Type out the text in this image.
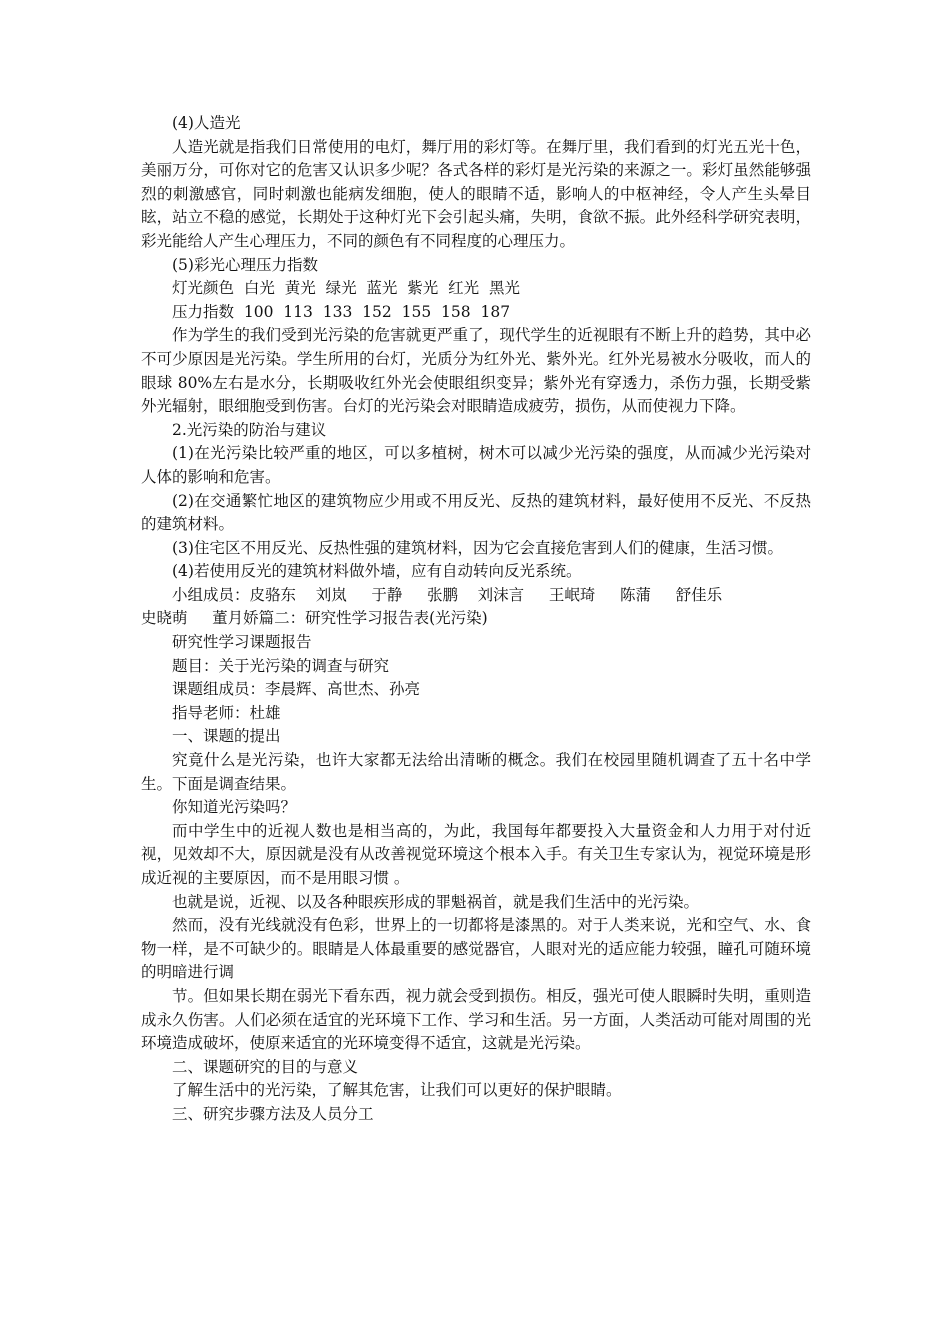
(4)人造光

人造光就是指我们日常使用的电灯，舞厅用的彩灯等。在舞厅里，我们看到的灯光五光十色，美丽万分，可你对它的危害又认识多少呢？各式各样的彩灯是光污染的来源之一。彩灯虽然能够强烈的刺激感官，同时刺激也能病发细胞，使人的眼睛不适，影响人的中枢神经，令人产生头晕目眩，站立不稳的感觉，长期处于这种灯光下会引起头痛，失明，食欲不振。此外经科学研究表明，彩光能给人产生心理压力，不同的颜色有不同程度的心理压力。

(5)彩光心理压力指数

灯光颜色  白光  黄光  绿光  蓝光  紫光  红光  黑光

压力指数  100  113  133  152  155  158  187

作为学生的我们受到光污染的危害就更严重了，现代学生的近视眼有不断上升的趋势，其中必不可少原因是光污染。学生所用的台灯，光质分为红外光、紫外光。红外光易被水分吸收，而人的眼球 80%左右是水分，长期吸收红外光会使眼组织变异；紫外光有穿透力，杀伤力强，长期受紫外光辐射，眼细胞受到伤害。台灯的光污染会对眼睛造成疲劳，损伤，从而使视力下降。

2.光污染的防治与建议

(1)在光污染比较严重的地区，可以多植树，树木可以减少光污染的强度，从而减少光污染对人体的影响和危害。

(2)在交通繁忙地区的建筑物应少用或不用反光、反热的建筑材料，最好使用不反光、不反热的建筑材料。

(3)住宅区不用反光、反热性强的建筑材料，因为它会直接危害到人们的健康，生活习惯。

(4)若使用反光的建筑材料做外墙，应有自动转向反光系统。

小组成员：皮骆东    刘岚     于静     张鹏    刘沫言     王岷琦     陈蒲     舒佳乐

史晓萌     董月娇篇二：研究性学习报告表(光污染)

研究性学习课题报告

题目：关于光污染的调查与研究

课题组成员：李晨辉、高世杰、孙亮

指导老师：杜雄

一、课题的提出

究竟什么是光污染，也许大家都无法给出清晰的概念。我们在校园里随机调查了五十名中学生。下面是调查结果。

你知道光污染吗？

而中学生中的近视人数也是相当高的，为此，我国每年都要投入大量资金和人力用于对付近视，见效却不大，原因就是没有从改善视觉环境这个根本入手。有关卫生专家认为，视觉环境是形成近视的主要原因，而不是用眼习惯 。

也就是说，近视、以及各种眼疾形成的罪魁祸首，就是我们生活中的光污染。

然而，没有光线就没有色彩，世界上的一切都将是漆黑的。对于人类来说，光和空气、水、食物一样，是不可缺少的。眼睛是人体最重要的感觉器官，人眼对光的适应能力较强，瞳孔可随环境的明暗进行调

节。但如果长期在弱光下看东西，视力就会受到损伤。相反，强光可使人眼瞬时失明，重则造成永久伤害。人们必须在适宜的光环境下工作、学习和生活。另一方面，人类活动可能对周围的光环境造成破坏，使原来适宜的光环境变得不适宜，这就是光污染。

二、课题研究的目的与意义

了解生活中的光污染，了解其危害，让我们可以更好的保护眼睛。

三、研究步骤方法及人员分工
